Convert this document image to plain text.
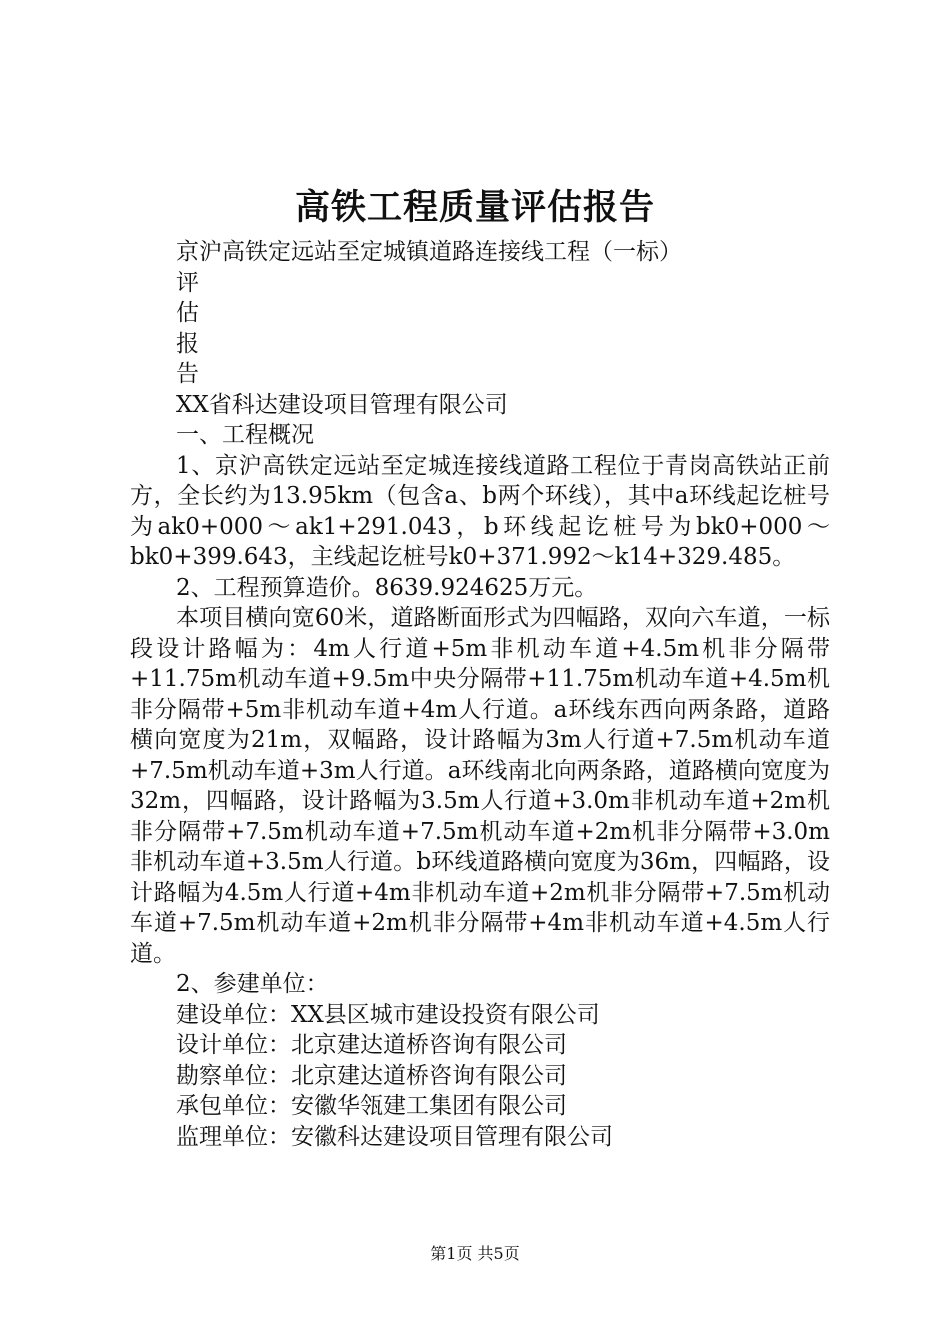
高铁工程质量评估报告

京沪高铁定远站至定城镇道路连接线工程（一标）

评

估

报

告

XX省科达建设项目管理有限公司

一、工程概况

1、京沪高铁定远站至定城连接线道路工程位于青岗高铁站正前方，全长约为13.95km（包含a、b两个环线），其中a环线起讫桩号为ak0+000～ak1+291.043，b环线起讫桩号为bk0+000～bk0+399.643，主线起讫桩号k0+371.992～k14+329.485。

2、工程预算造价。8639.924625万元。

本项目横向宽60米，道路断面形式为四幅路，双向六车道，一标段设计路幅为：4m人行道+5m非机动车道+4.5m机非分隔带+11.75m机动车道+9.5m中央分隔带+11.75m机动车道+4.5m机非分隔带+5m非机动车道+4m人行道。a环线东西向两条路，道路横向宽度为21m，双幅路，设计路幅为3m人行道+7.5m机动车道+7.5m机动车道+3m人行道。a环线南北向两条路，道路横向宽度为32m，四幅路，设计路幅为3.5m人行道+3.0m非机动车道+2m机非分隔带+7.5m机动车道+7.5m机动车道+2m机非分隔带+3.0m非机动车道+3.5m人行道。b环线道路横向宽度为36m，四幅路，设计路幅为4.5m人行道+4m非机动车道+2m机非分隔带+7.5m机动车道+7.5m机动车道+2m机非分隔带+4m非机动车道+4.5m人行道。

2、参建单位：

建设单位：XX县区城市建设投资有限公司

设计单位：北京建达道桥咨询有限公司

勘察单位：北京建达道桥咨询有限公司

承包单位：安徽华瓴建工集团有限公司

监理单位：安徽科达建设项目管理有限公司

第1页 共5页
